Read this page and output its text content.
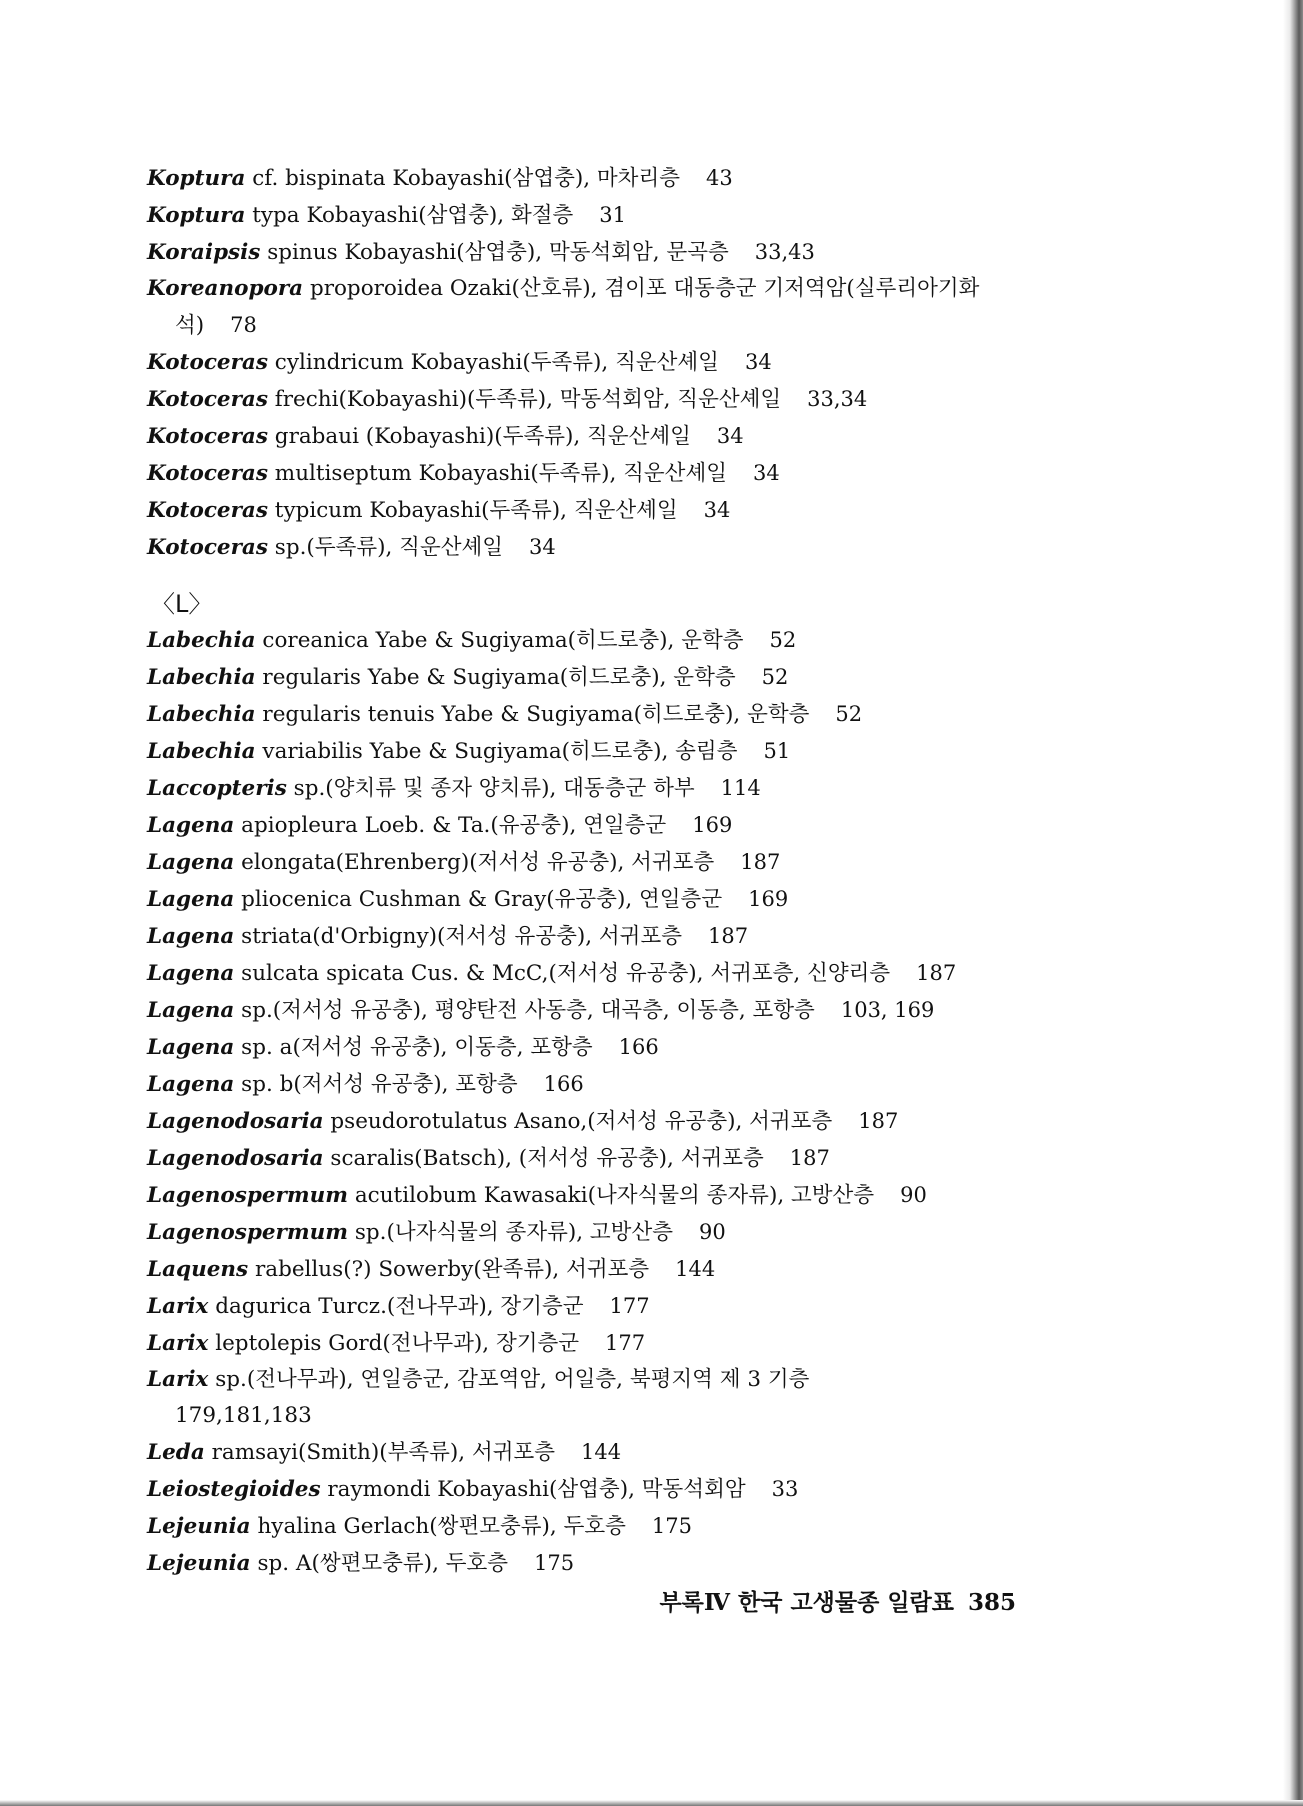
Koptura cf. bispinata Kobayashi(삼엽충), 마차리층 43
Koptura typa Kobayashi(삼엽충), 화절층 31
Koraipsis spinus Kobayashi(삼엽충), 막동석회암, 문곡층 33,43
Koreanopora proporoidea Ozaki(산호류), 겸이포 대동층군 기저역암(실루리아기화
석) 78
Kotoceras cylindricum Kobayashi(두족류), 직운산셰일 34
Kotoceras frechi(Kobayashi)(두족류), 막동석회암, 직운산셰일 33,34
Kotoceras grabaui (Kobayashi)(두족류), 직운산셰일 34
Kotoceras multiseptum Kobayashi(두족류), 직운산셰일 34
Kotoceras typicum Kobayashi(두족류), 직운산셰일 34
Kotoceras sp.(두족류), 직운산셰일 34
〈L〉
Labechia coreanica Yabe & Sugiyama(히드로충), 운학층 52
Labechia regularis Yabe & Sugiyama(히드로충), 운학층 52
Labechia regularis tenuis Yabe & Sugiyama(히드로충), 운학층 52
Labechia variabilis Yabe & Sugiyama(히드로충), 송림층 51
Laccopteris sp.(양치류 및 종자 양치류), 대동층군 하부 114
Lagena apiopleura Loeb. & Ta.(유공충), 연일층군 169
Lagena elongata(Ehrenberg)(저서성 유공충), 서귀포층 187
Lagena pliocenica Cushman & Gray(유공충), 연일층군 169
Lagena striata(d'Orbigny)(저서성 유공충), 서귀포층 187
Lagena sulcata spicata Cus. & McC,(저서성 유공충), 서귀포층, 신양리층 187
Lagena sp.(저서성 유공충), 평양탄전 사동층, 대곡층, 이동층, 포항층 103, 169
Lagena sp. a(저서성 유공충), 이동층, 포항층 166
Lagena sp. b(저서성 유공충), 포항층 166
Lagenodosaria pseudorotulatus Asano,(저서성 유공충), 서귀포층 187
Lagenodosaria scaralis(Batsch), (저서성 유공충), 서귀포층 187
Lagenospermum acutilobum Kawasaki(나자식물의 종자류), 고방산층 90
Lagenospermum sp.(나자식물의 종자류), 고방산층 90
Laquens rabellus(?) Sowerby(완족류), 서귀포층 144
Larix dagurica Turcz.(전나무과), 장기층군 177
Larix leptolepis Gord(전나무과), 장기층군 177
Larix sp.(전나무과), 연일층군, 감포역암, 어일층, 북평지역 제 3 기층
179,181,183
Leda ramsayi(Smith)(부족류), 서귀포층 144
Leiostegioides raymondi Kobayashi(삼엽충), 막동석회암 33
Lejeunia hyalina Gerlach(쌍편모충류), 두호층 175
Lejeunia sp. A(쌍편모충류), 두호층 175
부록Ⅳ 한국 고생물종 일람표 385
